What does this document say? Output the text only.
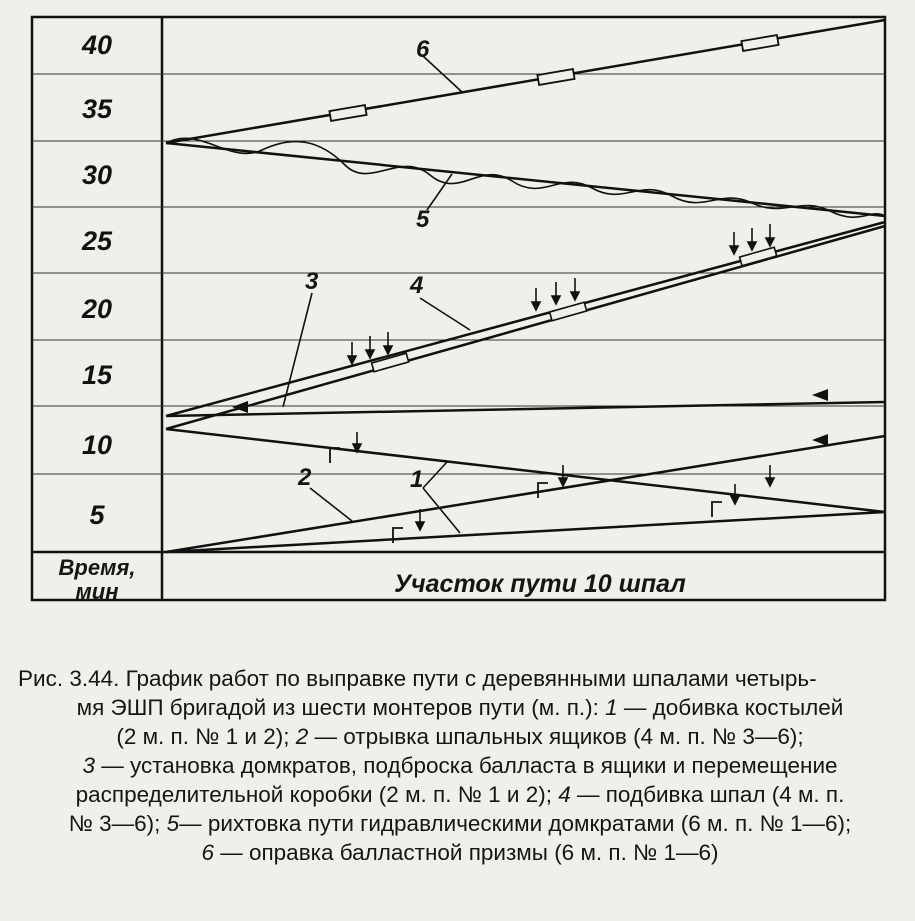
40
35
30
25
20
15
10
5
Время,
мин	Участок пути 10 шпал
6
5
4
3
2	1
Рис. 3.44. График работ по выправке пути с деревянными шпалами четырь-
мя ЭШП бригадой из шести монтеров пути (м. п.): 1 — добивка костылей
(2 м. п. № 1 и 2); 2 — отрывка шпальных ящиков (4 м. п. № 3—6);
3 — установка домкратов, подброска балласта в ящики и перемещение
распределительной коробки (2 м. п. № 1 и 2); 4 — подбивка шпал (4 м. п.
№ 3—6); 5— рихтовка пути гидравлическими домкратами (6 м. п. № 1—6);
6 — оправка балластной призмы (6 м. п. № 1—6)
